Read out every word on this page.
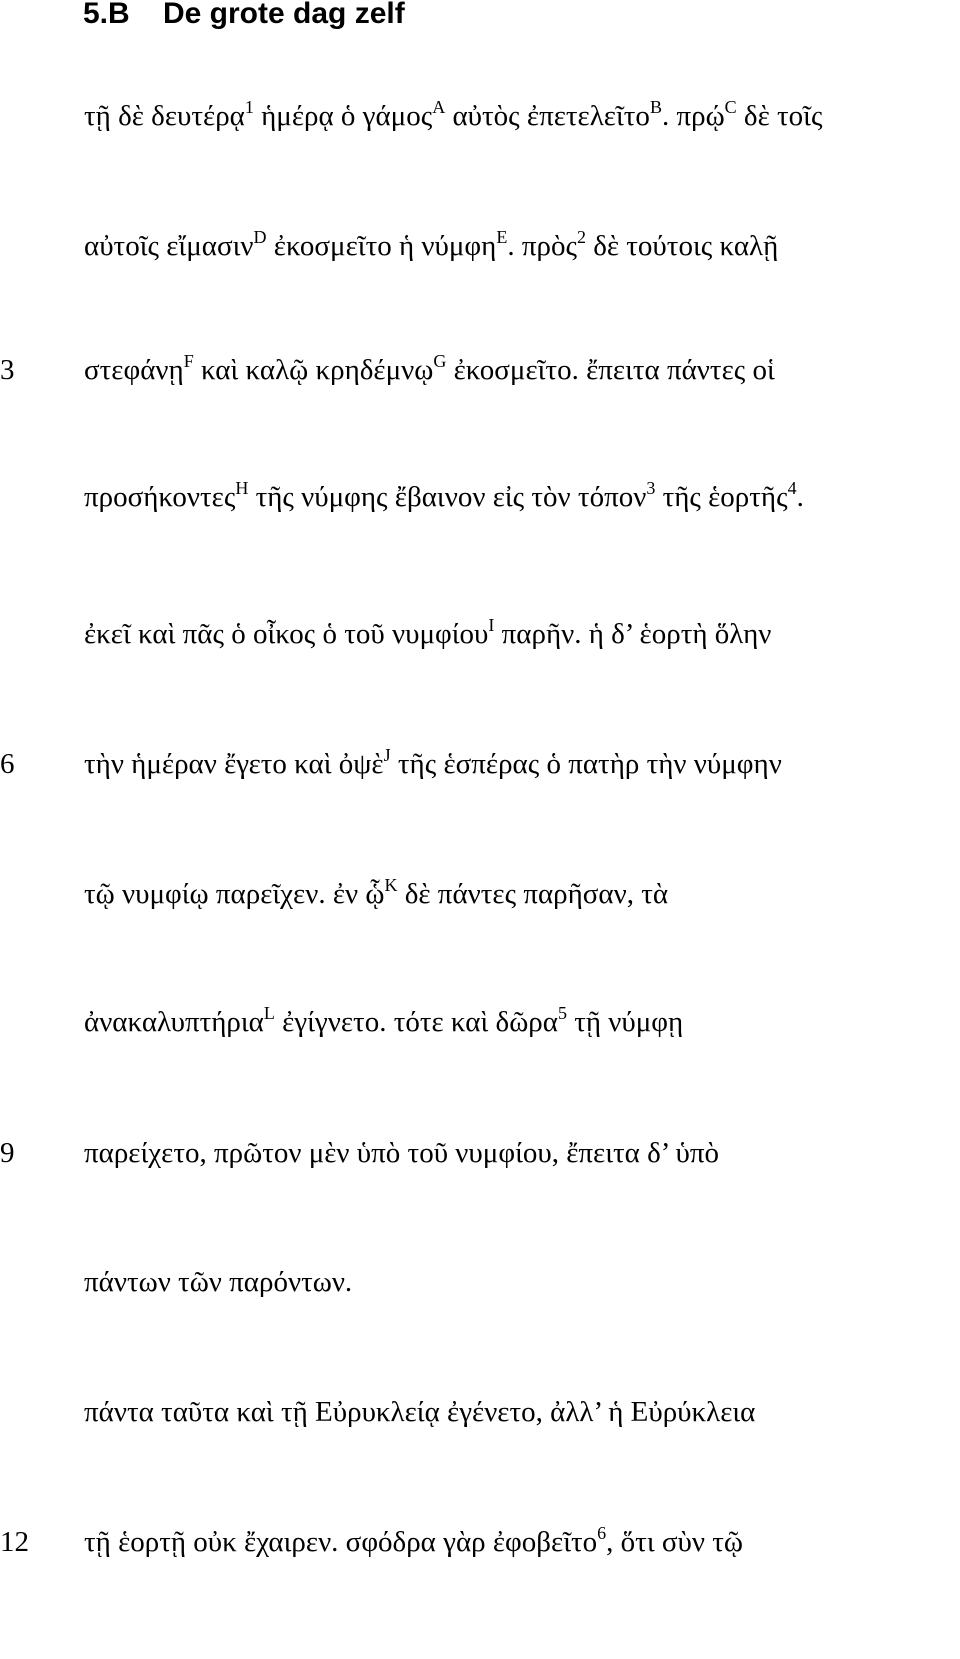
5.B De grote dag zelf
τῇ δὲ δευτέρᾳ$^1$ ἡμέρᾳ ὁ γάμος$^A$ αὐτὸς ἐπετελεῖτο$^B$. πρῴ$^C$ δὲ τοῖς
αὐτοῖς εἴμασιν$^D$ ἐκοσμεῖτο ἡ νύμφη$^E$. πρὸς$^2$ δὲ τούτοις καλῇ
3	στεφάνῃ$^F$ καὶ καλῷ κρηδέμνῳ$^G$ ἐκοσμεῖτο. ἔπειτα πάντες οἱ
προσήκοντες$^H$ τῆς νύμφης ἔβαινον εἰς τὸν τόπον$^3$ τῆς ἑορτῆς$^4$.
ἐκεῖ καὶ πᾶς ὁ οἶκος ὁ τοῦ νυμφίου$^I$ παρῆν. ἡ δ’ ἑορτὴ ὅλην
6	τὴν ἡμέραν ἔγετο καὶ ὀψὲ$^J$ τῆς ἑσπέρας ὁ πατὴρ τὴν νύμφην
τῷ νυμφίῳ παρεῖχεν. ἐν ᾧ$^K$ δὲ πάντες παρῆσαν, τὰ
ἀνακαλυπτήρια$^L$ ἐγίγνετο. τότε καὶ δῶρα$^5$ τῇ νύμφῃ
9	παρείχετο, πρῶτον μὲν ὑπὸ τοῦ νυμφίου, ἔπειτα δ’ ὑπὸ
πάντων τῶν παρόντων.
πάντα ταῦτα καὶ τῇ Εὐρυκλείᾳ ἐγένετο, ἀλλ’ ἡ Εὐρύκλεια
12	τῇ ἑορτῇ οὐκ ἔχαιρεν. σφόδρα γὰρ ἐφοβεῖτο$^6$, ὅτι σὺν τῷ
